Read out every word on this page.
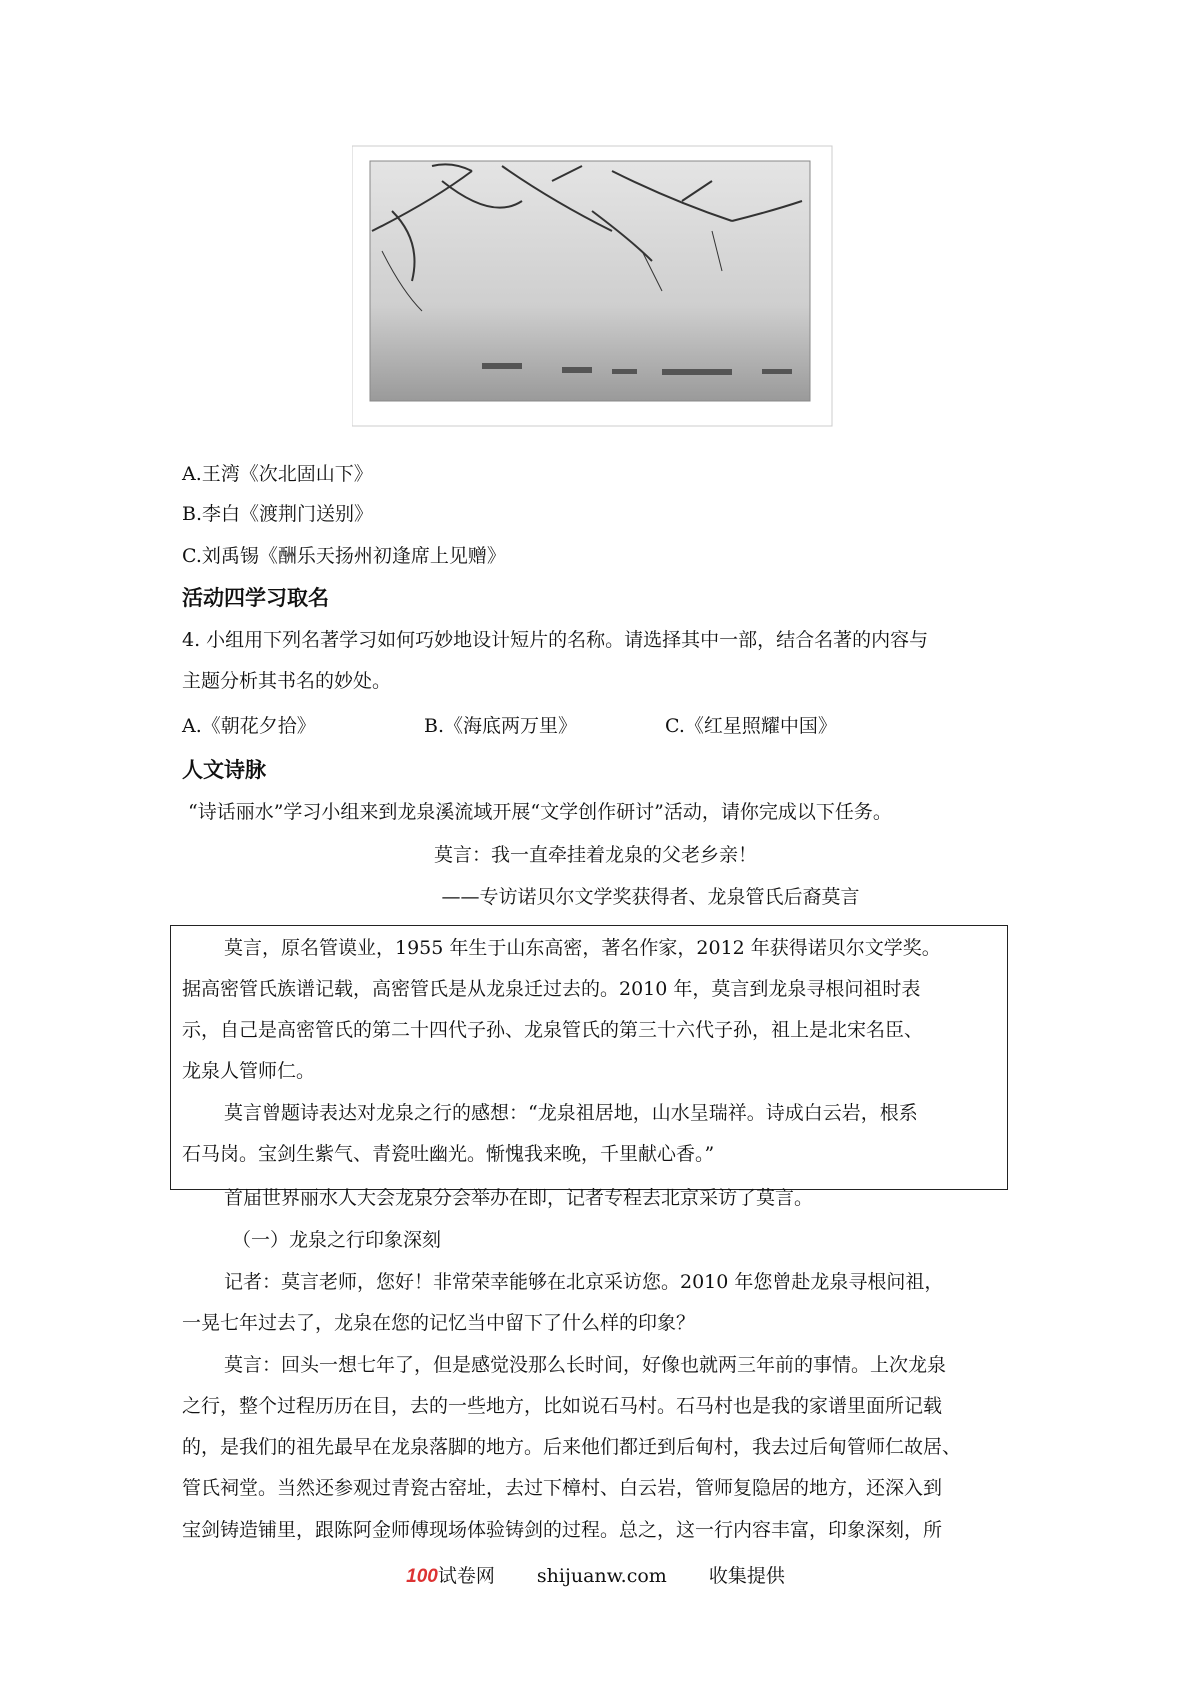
A.王湾《次北固山下》
B.李白《渡荆门送别》
C.刘禹锡《酬乐天扬州初逢席上见赠》
活动四学习取名
4. 小组用下列名著学习如何巧妙地设计短片的名称。请选择其中一部，结合名著的内容与
主题分析其书名的妙处。
A.《朝花夕拾》	B.《海底两万里》	C.《红星照耀中国》
人文诗脉
“诗话丽水”学习小组来到龙泉溪流域开展“文学创作研讨”活动，请你完成以下任务。
莫言：我一直牵挂着龙泉的父老乡亲！
——专访诺贝尔文学奖获得者、龙泉管氏后裔莫言
莫言，原名管谟业，1955 年生于山东高密，著名作家，2012 年获得诺贝尔文学奖。
据高密管氏族谱记载，高密管氏是从龙泉迁过去的。2010 年，莫言到龙泉寻根问祖时表
示，自己是高密管氏的第二十四代子孙、龙泉管氏的第三十六代子孙，祖上是北宋名臣、
龙泉人管师仁。
莫言曾题诗表达对龙泉之行的感想：“龙泉祖居地，山水呈瑞祥。诗成白云岩，根系
石马岗。宝剑生紫气、青瓷吐幽光。惭愧我来晚，千里献心香。”
首届世界丽水人大会龙泉分会举办在即，记者专程去北京采访了莫言。
（一）龙泉之行印象深刻
记者：莫言老师，您好！非常荣幸能够在北京采访您。2010 年您曾赴龙泉寻根问祖，
一晃七年过去了，龙泉在您的记忆当中留下了什么样的印象？
莫言：回头一想七年了，但是感觉没那么长时间，好像也就两三年前的事情。上次龙泉
之行，整个过程历历在目，去的一些地方，比如说石马村。石马村也是我的家谱里面所记载
的，是我们的祖先最早在龙泉落脚的地方。后来他们都迁到后甸村，我去过后甸管师仁故居、
管氏祠堂。当然还参观过青瓷古窑址，去过下樟村、白云岩，管师复隐居的地方，还深入到
宝剑铸造铺里，跟陈阿金师傅现场体验铸剑的过程。总之，这一行内容丰富，印象深刻，所
100试卷网 shijuanw.com 收集提供
